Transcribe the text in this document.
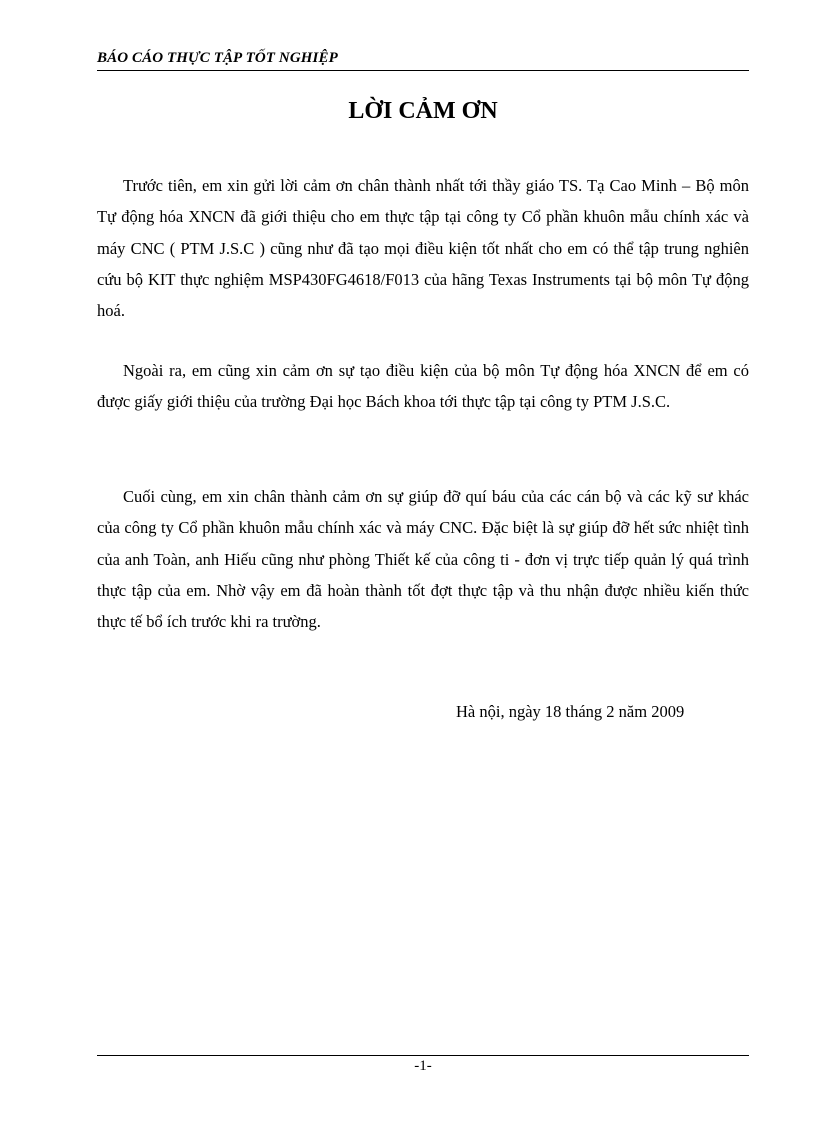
BÁO CÁO THỰC TẬP TỐT NGHIỆP
LỜI CẢM ƠN

Trước tiên, em xin gửi lời cảm ơn chân thành nhất tới thầy giáo TS. Tạ Cao Minh – Bộ môn Tự động hóa XNCN đã giới thiệu cho em thực tập tại công ty Cổ phần khuôn mẫu chính xác và máy CNC ( PTM J.S.C ) cũng như đã tạo mọi điều kiện tốt nhất cho em có thể tập trung nghiên cứu bộ KIT thực nghiệm MSP430FG4618/F013 của hãng Texas Instruments tại bộ môn Tự động hoá.

Ngoài ra, em cũng xin cảm ơn sự tạo điều kiện của bộ môn Tự động hóa XNCN để em có được giấy giới thiệu của trường Đại học Bách khoa tới thực tập tại công ty PTM J.S.C.

Cuối cùng, em xin chân thành cảm ơn sự giúp đỡ quí báu của các cán bộ và các kỹ sư khác của công ty Cổ phần khuôn mẫu chính xác và máy CNC. Đặc biệt là sự giúp đỡ hết sức nhiệt tình của anh Toàn, anh Hiếu cũng như phòng Thiết kế của công ti - đơn vị trực tiếp quản lý quá trình thực tập của em. Nhờ vậy em đã hoàn thành tốt đợt thực tập và thu nhận được nhiều kiến thức thực tế bổ ích trước khi ra trường.

Hà nội, ngày 18 tháng 2 năm 2009
-1-
